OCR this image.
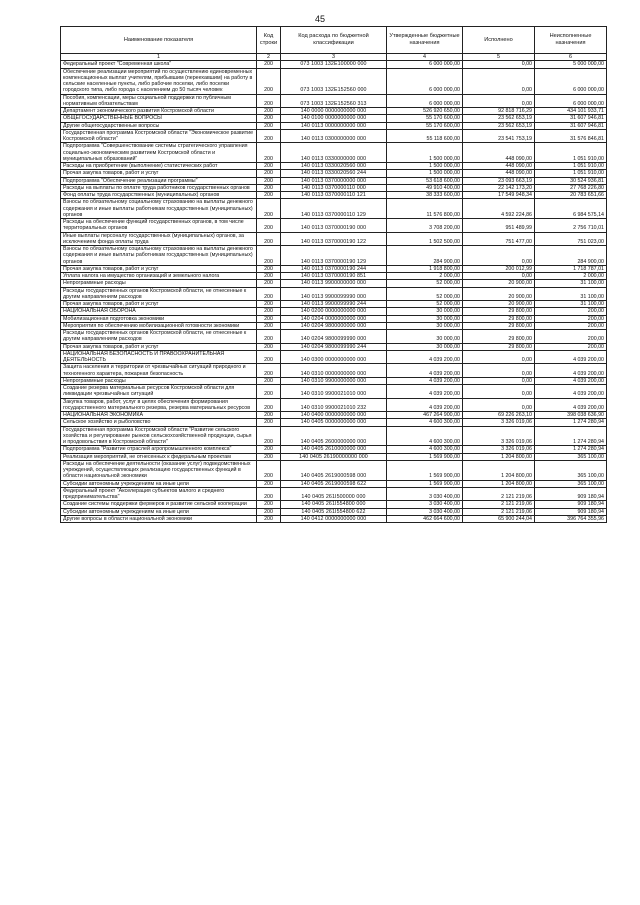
45
Наименование показателя	Код строки	Код расхода по бюджетной классификации	Утвержденные бюджетные назначения	Исполнено	Неисполненные назначения
1	2	3	4	5	6
Федеральный проект "Современная школа"	200	073 1003 132Е100000 000	6 000 000,00	0,00	5 000 000,00
Обеспечение реализации мероприятий по осуществлению единовременных компенсационных выплат учителям, прибывшим (переехавшим) на работу в сельские населенные пункты, либо рабочие поселки, либо поселки городского типа, либо города с населением до 50 тысяч человек	200	073 1003 132Е152560 000	6 000 000,00	0,00	6 000 000,00
Пособия, компенсации, меры социальной поддержки по публичным нормативным обязательствам	200	073 1003 132Е152560 313	6 000 000,00	0,00	6 000 000,00
Департамент экономического развития Костромской области	200	140 0000 0000000000 000	526 920 650,00	92 818 716,29	434 101 933,71
ОБЩЕГОСУДАРСТВЕННЫЕ ВОПРОСЫ	200	140 0100 0000000000 000	55 170 600,00	23 562 653,19	31 607 946,81
Другие общегосударственные вопросы	200	140 0113 0000000000 000	55 170 600,00	23 562 653,19	31 607 946,81
Государственная программа Костромской области "Экономическое развитие Костромской области"	200	140 0113 0300000000 000	55 118 600,00	23 541 753,19	31 576 846,81
Подпрограмма "Совершенствование системы стратегического управления социально-экономическим развитием Костромской области и муниципальных образований"	200	140 0113 0330000000 000	1 500 000,00	448 090,00	1 051 910,00
Расходы на приобретение (выполнение) статистических работ	200	140 0113 0330020560 000	1 500 000,00	448 090,00	1 051 910,00
Прочая закупка товаров, работ и услуг	200	140 0113 0330020560 244	1 500 000,00	448 090,00	1 051 910,00
Подпрограмма "Обеспечение реализации программы"	200	140 0113 0370000000 000	53 618 600,00	23 093 663,19	30 524 936,81
Расходы на выплаты по оплате труда работников государственных органов	200	140 0113 0370000110 000	49 910 400,00	22 142 173,20	27 768 226,80
Фонд оплаты труда государственных (муниципальных) органов	200	140 0113 0370000110 121	38 333 600,00	17 549 948,34	20 783 651,66
Взносы по обязательному социальному страхованию на выплаты денежного содержания и иные выплаты работникам государственных (муниципальных) органов	200	140 0113 0370000110 129	11 576 800,00	4 592 224,86	6 984 575,14
Расходы на обеспечение функций государственных органов, в том числе территориальных органов	200	140 0113 0370000190 000	3 708 200,00	951 489,99	2 756 710,01
Иные выплаты персоналу государственных (муниципальных) органов, за исключением фонда оплаты труда	200	140 0113 0370000190 122	1 502 500,00	751 477,00	751 023,00
Взносы по обязательному социальному страхованию на выплаты денежного содержания и иные выплаты работникам государственных (муниципальных) органов	200	140 0113 0370000190 129	284 900,00	0,00	284 900,00
Прочая закупка товаров, работ и услуг	200	140 0113 0370000190 244	1 918 800,00	200 012,99	1 718 787,01
Уплата налога на имущество организаций и земельного налога	200	140 0113 0370000190 851	2 000,00	0,00	2 000,00
Непрограммные расходы	200	140 0113 9900000000 000	52 000,00	20 900,00	31 100,00
Расходы государственных органов Костромской области, не отнесенные к другим направлениям расходов	200	140 0113 9900099990 000	52 000,00	20 900,00	31 100,00
Прочая закупка товаров, работ и услуг	200	140 0113 9900099990 244	52 000,00	20 900,00	31 100,00
НАЦИОНАЛЬНАЯ ОБОРОНА	200	140 0200 0000000000 000	30 000,00	29 800,00	200,00
Мобилизационная подготовка экономики	200	140 0204 0000000000 000	30 000,00	29 800,00	200,00
Мероприятия по обеспечению мобилизационной готовности экономики	200	140 0204 9800000000 000	30 000,00	29 800,00	200,00
Расходы государственных органов Костромской области, не отнесенные к другим направлениям расходов	200	140 0204 9800099990 000	30 000,00	29 800,00	200,00
Прочая закупка товаров, работ и услуг	200	140 0204 9800099990 244	30 000,00	29 800,00	200,00
НАЦИОНАЛЬНАЯ БЕЗОПАСНОСТЬ И ПРАВООХРАНИТЕЛЬНАЯ ДЕЯТЕЛЬНОСТЬ	200	140 0300 0000000000 000	4 039 200,00	0,00	4 039 200,00
Защита населения и территории от чрезвычайных ситуаций природного и техногенного характера, пожарная безопасность	200	140 0310 0000000000 000	4 039 200,00	0,00	4 039 200,00
Непрограммные расходы	200	140 0310 9900000000 000	4 039 200,00	0,00	4 039 200,00
Создание резерва материальных ресурсов Костромской области для ликвидации чрезвычайных ситуаций	200	140 0310 9900021010 000	4 039 200,00	0,00	4 039 200,00
Закупка товаров, работ, услуг в целях обеспечения формирования государственного материального резерва, резерва материальных ресурсов	200	140 0310 9900021010 232	4 039 200,00	0,00	4 039 200,00
НАЦИОНАЛЬНАЯ ЭКОНОМИКА	200	140 0400 0000000000 000	467 264 900,00	69 226 263,10	398 038 636,90
Сельское хозяйство и рыболовство	200	140 0405 0000000000 000	4 600 300,00	3 326 019,06	1 274 280,94
Государственная программа Костромской области "Развитие сельского хозяйства и регулирование рынков сельскохозяйственной продукции, сырья и продовольствия в Костромской области"	200	140 0405 2600000000 000	4 600 300,00	3 326 019,06	1 274 280,94
Подпрограмма "Развитие отраслей агропромышленного комплекса"	200	140 0405 2610000000 000	4 600 300,00	3 326 019,06	1 274 280,94
Реализация мероприятий, не отнесенных к федеральным проектам	200	140 0405 26190000000 000	1 569 900,00	1 204 800,00	365 100,00
Расходы на обеспечение деятельности (оказание услуг) подведомственных учреждений, осуществляющих реализацию государственных функций в области национальной экономики	200	140 0405 2619000598 000	1 569 900,00	1 204 800,00	365 100,00
Субсидии автономным учреждениям на иные цели	200	140 0405 2619000598 622	1 569 900,00	1 204 800,00	365 100,00
Федеральный проект "Акселерация субъектов малого и среднего предпринимательства"	200	140 0405 261I500000 000	3 030 400,00	2 121 219,06	909 180,94
Создание системы поддержки фермеров и развитие сельской кооперации	200	140 0405 261I554800 000	3 030 400,00	2 121 219,06	909 180,94
Субсидии автономным учреждениям на иные цели	200	140 0405 261I554800 622	3 030 400,00	2 121 219,06	909 180,94
Другие вопросы в области национальной экономики	200	140 0412 0000000000 000	462 664 600,00	65 900 244,04	396 764 355,96
